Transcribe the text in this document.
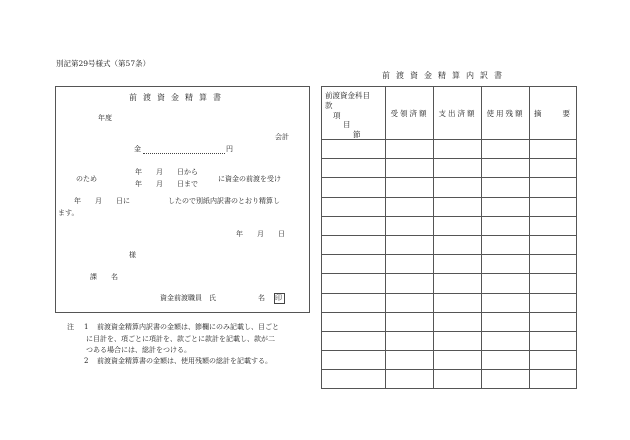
別記第29号様式（第57条）
前渡資金精算内訳書
前渡資金精算書
年度
会計
金	円
のため
年　　月　　日から
年　　月　　日まで
に資金の前渡を受け
年　　月　　日に	したので別紙内訳書のとおり精算し
ます。
年　　月　　日
様
課　　名
資金前渡職員　氏	名 印
注 1 前渡資金精算内訳書の金額は、節欄にのみ記載し、目ごと
に目計を、項ごとに項計を、款ごとに款計を記載し、款が二
つある場合には、総計をつける。
2 前渡資金精算書の金額は、使用残額の総計を記載する。
前渡資金科目
款
項
目
節	受領済額	支出済額	使用残額	摘　　要
